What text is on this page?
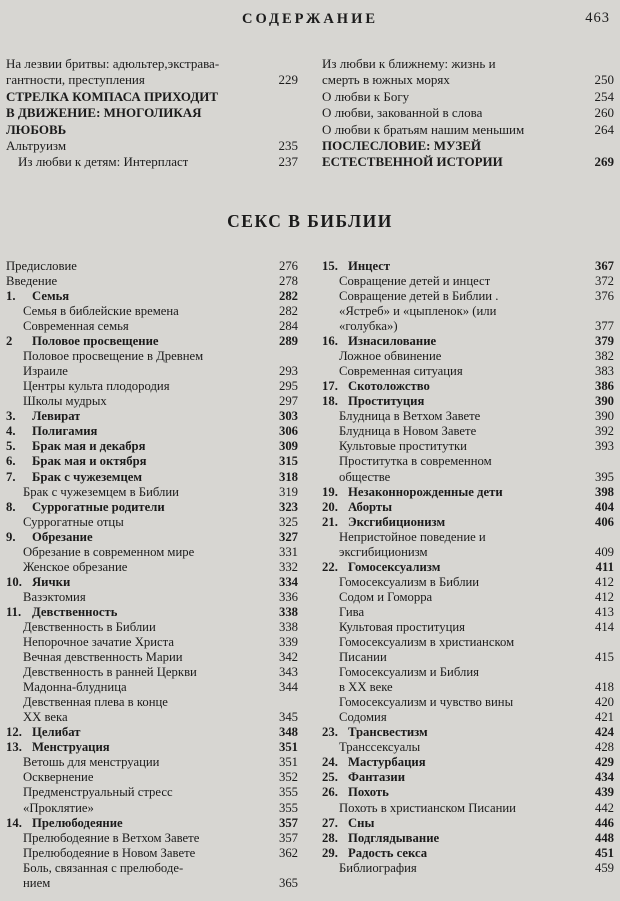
СОДЕРЖАНИЕ	463
На лезвии бритвы: адюльтер,экстрава-
гантности, преступления	229
СТРЕЛКА КОМПАСА ПРИХОДИТ
В ДВИЖЕНИЕ: МНОГОЛИКАЯ
ЛЮБОВЬ
Альтруизм	235
Из любви к детям: Интерпласт	237
Из любви к ближнему: жизнь и
смерть в южных морях	250
О любви к Богу	254
О любви, закованной в слова	260
О любви к братьям нашим меньшим	264
ПОСЛЕСЛОВИЕ: МУЗЕЙ
ЕСТЕСТВЕННОЙ ИСТОРИИ	269
СЕКС В БИБЛИИ
Предисловие	276
Введение	278
1.	Семья	282
Семья в библейские времена	282
Современная семья	284
2	Половое просвещение	289
Половое просвещение в Древнем
Израиле	293
Центры культа плодородия	295
Школы мудрых	297
3.	Левират	303
4.	Полигамия	306
5.	Брак мая и декабря	309
6.	Брак мая и октября	315
7.	Брак с чужеземцем	318
Брак с чужеземцем в Библии	319
8.	Суррогатные родители	323
Суррогатные отцы	325
9.	Обрезание	327
Обрезание в современном мире	331
Женское обрезание	332
10. Яички	334
Вазэктомия	336
11. Девственность	338
Девственность в Библии	338
Непорочное зачатие Христа	339
Вечная девственность Марии	342
Девственность в ранней Церкви	343
Мадонна-блудница	344
Девственная плева в конце
XX века	345
12. Целибат	348
13. Менструация	351
Ветошь для менструации	351
Осквернение	352
Предменструальный стресс	355
«Проклятие»	355
14. Прелюбодеяние	357
Прелюбодеяние в Ветхом Завете	357
Прелюбодеяние в Новом Завете	362
Боль, связанная с прелюбоде-
нием	365
15. Инцест	367
Совращение детей и инцест	372
Совращение детей в Библии .	376
«Ястреб» и «цыпленок» (или
«голубка»)	377
16. Изнасилование	379
Ложное обвинение	382
Современная ситуация	383
17. Скотоложство	386
18. Проституция	390
Блудница в Ветхом Завете	390
Блудница в Новом Завете	392
Культовые проститутки	393
Проститутка в современном
обществе	395
19. Незаконнорожденные дети	398
20. Аборты	404
21. Эксгибиционизм	406
Непристойное поведение и
эксгибиционизм	409
22. Гомосексуализм	411
Гомосексуализм в Библии	412
Содом и Гоморра	412
Гива	413
Культовая проституция	414
Гомосексуализм в христианском
Писании	415
Гомосексуализм и Библия
в XX веке	418
Гомосексуализм и чувство вины	420
Содомия	421
23. Трансвестизм	424
Транссексуалы	428
24. Мастурбация	429
25. Фантазии	434
26. Похоть	439
Похоть в христианском Писании	442
27. Сны	446
28. Подглядывание	448
29. Радость секса	451
Библиография	459
